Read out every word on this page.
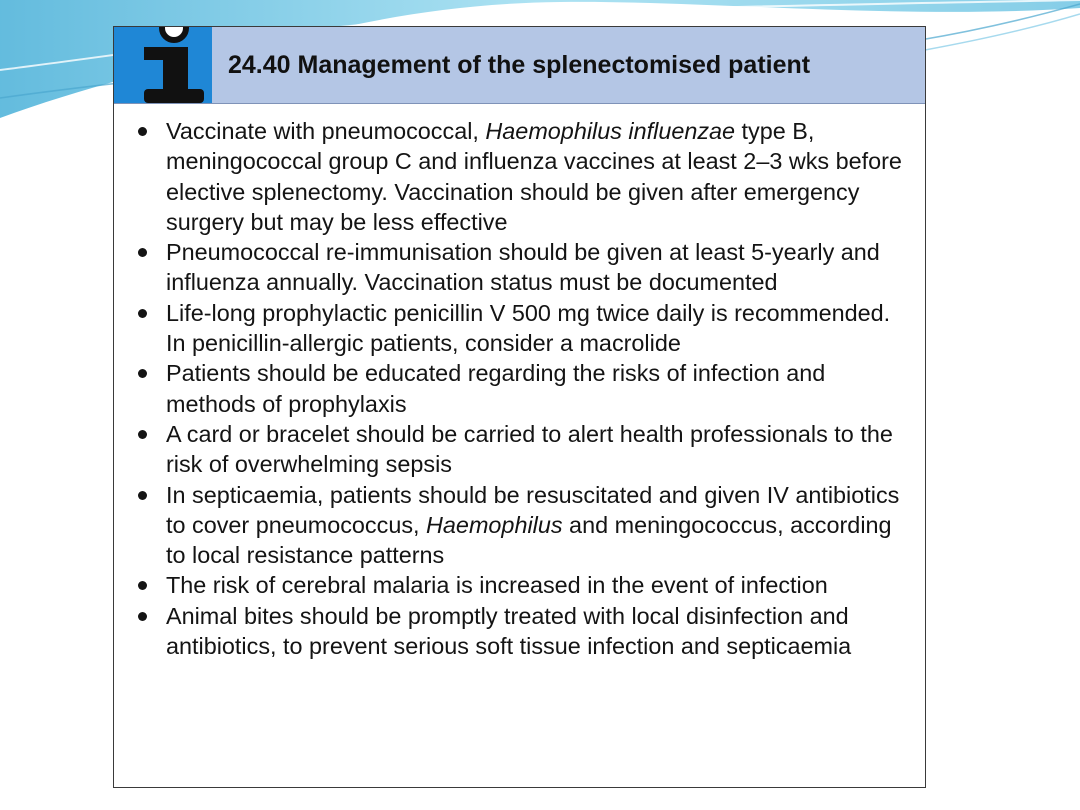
24.40 Management of the splenectomised patient
Vaccinate with pneumococcal, Haemophilus influenzae type B, meningococcal group C and influenza vaccines at least 2–3 wks before elective splenectomy. Vaccination should be given after emergency surgery but may be less effective
Pneumococcal re-immunisation should be given at least 5-yearly and influenza annually. Vaccination status must be documented
Life-long prophylactic penicillin V 500 mg twice daily is recommended. In penicillin-allergic patients, consider a macrolide
Patients should be educated regarding the risks of infection and methods of prophylaxis
A card or bracelet should be carried to alert health professionals to the risk of overwhelming sepsis
In septicaemia, patients should be resuscitated and given IV antibiotics to cover pneumococcus, Haemophilus and meningococcus, according to local resistance patterns
The risk of cerebral malaria is increased in the event of infection
Animal bites should be promptly treated with local disinfection and antibiotics, to prevent serious soft tissue infection and septicaemia
